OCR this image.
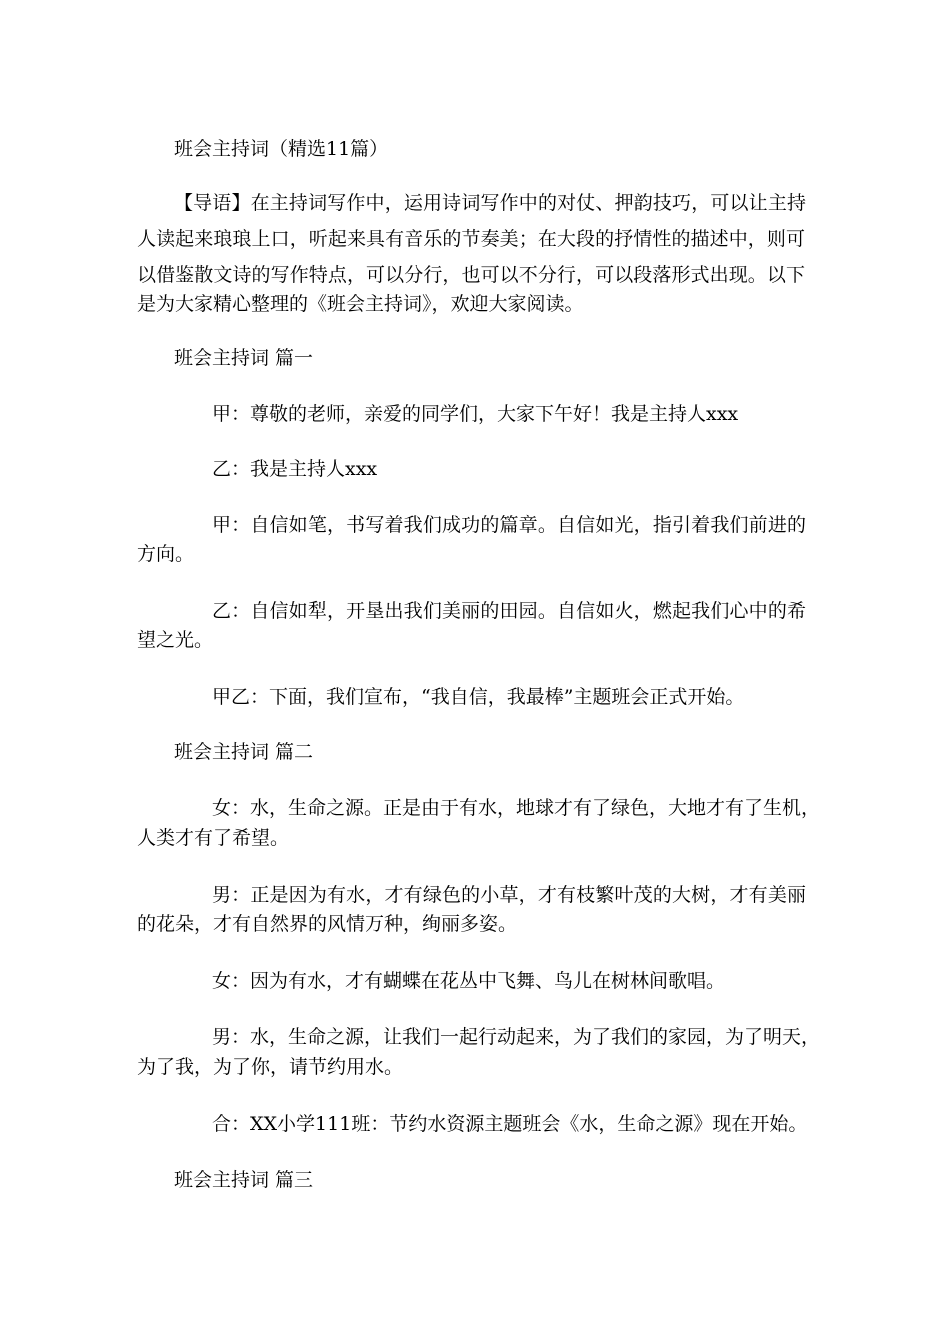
班会主持词（精选11篇）

【导语】在主持词写作中，运用诗词写作中的对仗、押韵技巧，可以让主持

人读起来琅琅上口，听起来具有音乐的节奏美；在大段的抒情性的描述中，则可

以借鉴散文诗的写作特点，可以分行，也可以不分行，可以段落形式出现。以下

是为大家精心整理的《班会主持词》，欢迎大家阅读。

班会主持词 篇一

甲：尊敬的老师，亲爱的同学们，大家下午好！我是主持人xxx

乙：我是主持人xxx

甲：自信如笔，书写着我们成功的篇章。自信如光，指引着我们前进的

方向。

乙：自信如犁，开垦出我们美丽的田园。自信如火，燃起我们心中的希

望之光。

甲乙：下面，我们宣布，“我自信，我最棒”主题班会正式开始。

班会主持词 篇二

女：水，生命之源。正是由于有水，地球才有了绿色，大地才有了生机，

人类才有了希望。

男：正是因为有水，才有绿色的小草，才有枝繁叶茂的大树，才有美丽

的花朵，才有自然界的风情万种，绚丽多姿。

女：因为有水，才有蝴蝶在花丛中飞舞、鸟儿在树林间歌唱。

男：水，生命之源，让我们一起行动起来，为了我们的家园，为了明天，

为了我，为了你，请节约用水。

合：XX小学111班：节约水资源主题班会《水，生命之源》现在开始。

班会主持词 篇三
